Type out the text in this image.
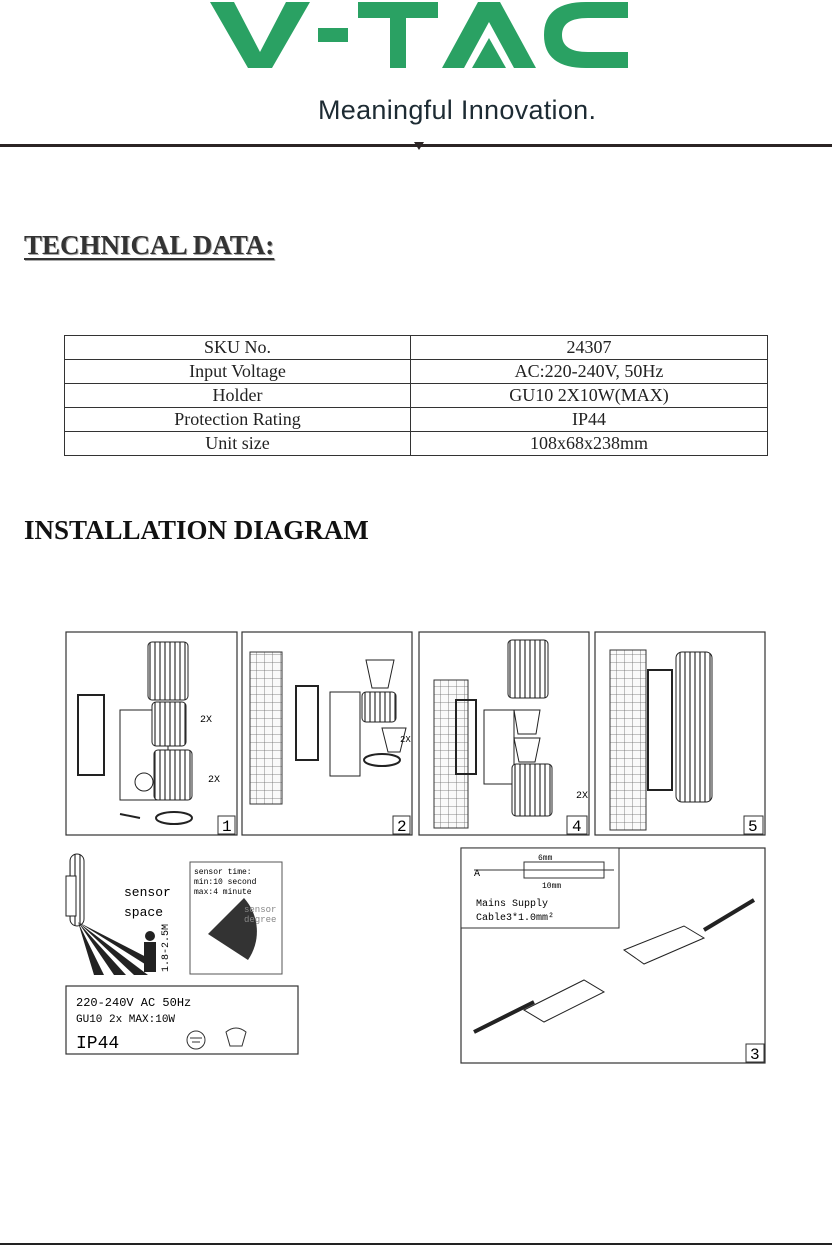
Meaningful Innovation.
TECHNICAL DATA:
SKU No.	24307
Input Voltage	AC:220-240V, 50Hz
Holder	GU10 2X10W(MAX)
Protection Rating	IP44
Unit size	108x68x238mm
INSTALLATION DIAGRAM
2X
2X
1
2X
2
2X
4	5
sensor
space
1.8-2.5M
sensor time:
min:10 second
max:4 minute
sensor
degree
220-240V AC 50Hz
GU10 2x MAX:10W
IP44
A
6mm
10mm
Mains Supply
Cable3*1.0mm²
3
